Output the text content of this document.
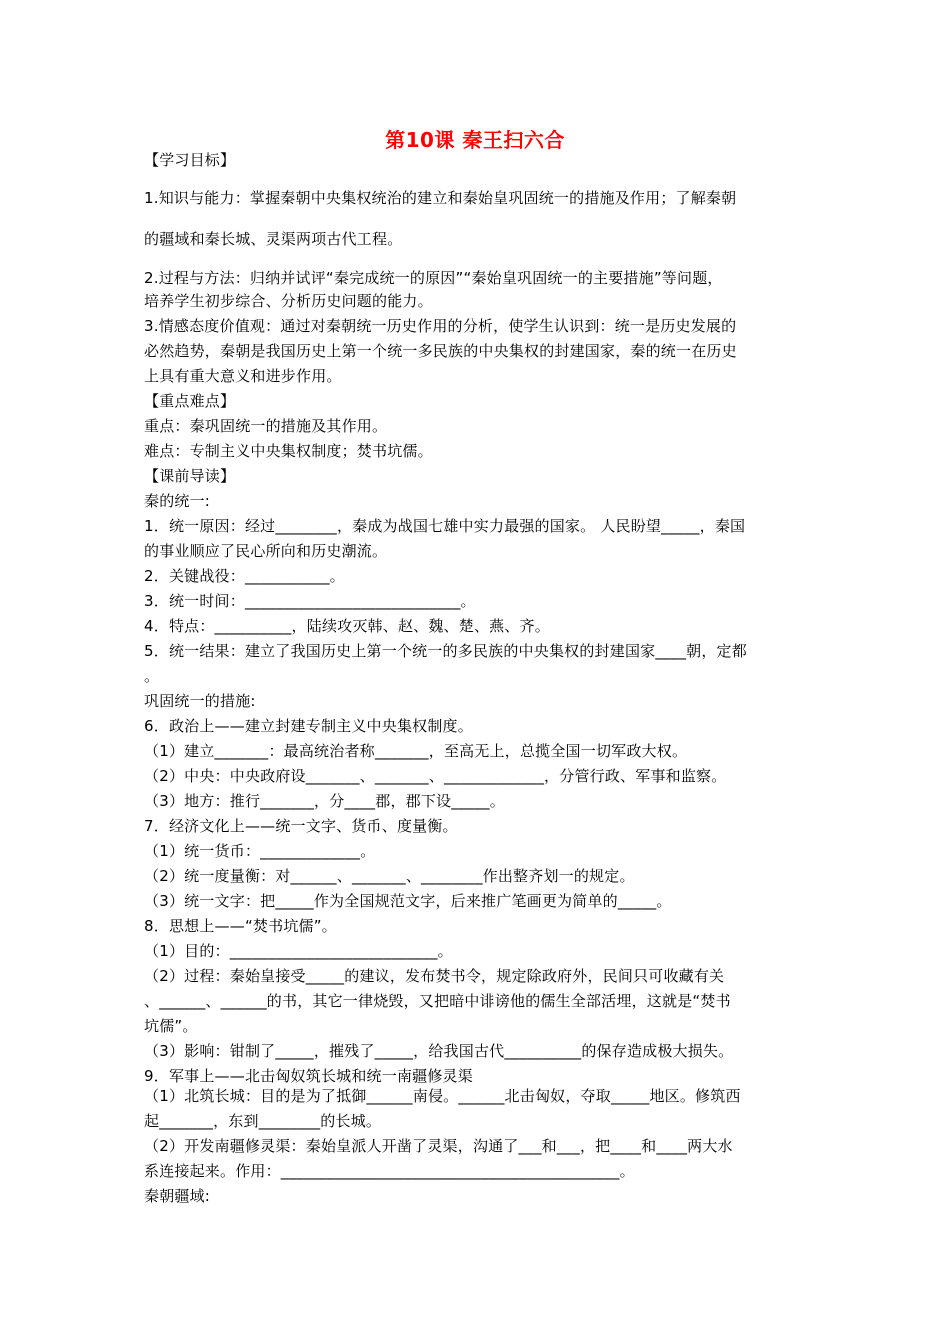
第10课 秦王扫六合
【学习目标】
1.知识与能力：掌握秦朝中央集权统治的建立和秦始皇巩固统一的措施及作用；了解秦朝
的疆域和秦长城、灵渠两项古代工程。
2.过程与方法：归纳并试评“秦完成统一的原因”“秦始皇巩固统一的主要措施”等问题，
培养学生初步综合、分析历史问题的能力。
3.情感态度价值观：通过对秦朝统一历史作用的分析，使学生认识到：统一是历史发展的
必然趋势，秦朝是我国历史上第一个统一多民族的中央集权的封建国家，秦的统一在历史
上具有重大意义和进步作用。
【重点难点】
重点：秦巩固统一的措施及其作用。
难点：专制主义中央集权制度；焚书坑儒。
【课前导读】
秦的统一:
1．统一原因：经过________，秦成为战国七雄中实力最强的国家。 人民盼望_____，秦国
的事业顺应了民心所向和历史潮流。
2．关键战役：___________。
3．统一时间：____________________________。
4．特点：__________，陆续攻灭韩、赵、魏、楚、燕、齐。
5．统一结果：建立了我国历史上第一个统一的多民族的中央集权的封建国家____朝，定都
。
巩固统一的措施:
6．政治上——建立封建专制主义中央集权制度。
（1）建立_______：最高统治者称_______，至高无上，总揽全国一切军政大权。
（2）中央：中央政府设_______、_______、_____________，分管行政、军事和监察。
（3）地方：推行_______，分____郡，郡下设_____。
7．经济文化上——统一文字、货币、度量衡。
（1）统一货币：_____________。
（2）统一度量衡：对______、_______、________作出整齐划一的规定。
（3）统一文字：把_____作为全国规范文字，后来推广笔画更为简单的_____。
8．思想上——“焚书坑儒”。
（1）目的：___________________________。
（2）过程：秦始皇接受_____的建议，发布焚书令，规定除政府外，民间只可收藏有关
、______、______的书，其它一律烧毁，又把暗中诽谤他的儒生全部活埋，这就是“焚书
坑儒”。
（3）影响：钳制了_____，摧残了_____，给我国古代__________的保存造成极大损失。
9．军事上——北击匈奴筑长城和统一南疆修灵渠
（1）北筑长城：目的是为了抵御______南侵。______北击匈奴，夺取_____地区。修筑西
起_______，东到________的长城。
（2）开发南疆修灵渠：秦始皇派人开凿了灵渠，沟通了___和___，把____和____两大水
系连接起来。作用：____________________________________________。
秦朝疆域:
